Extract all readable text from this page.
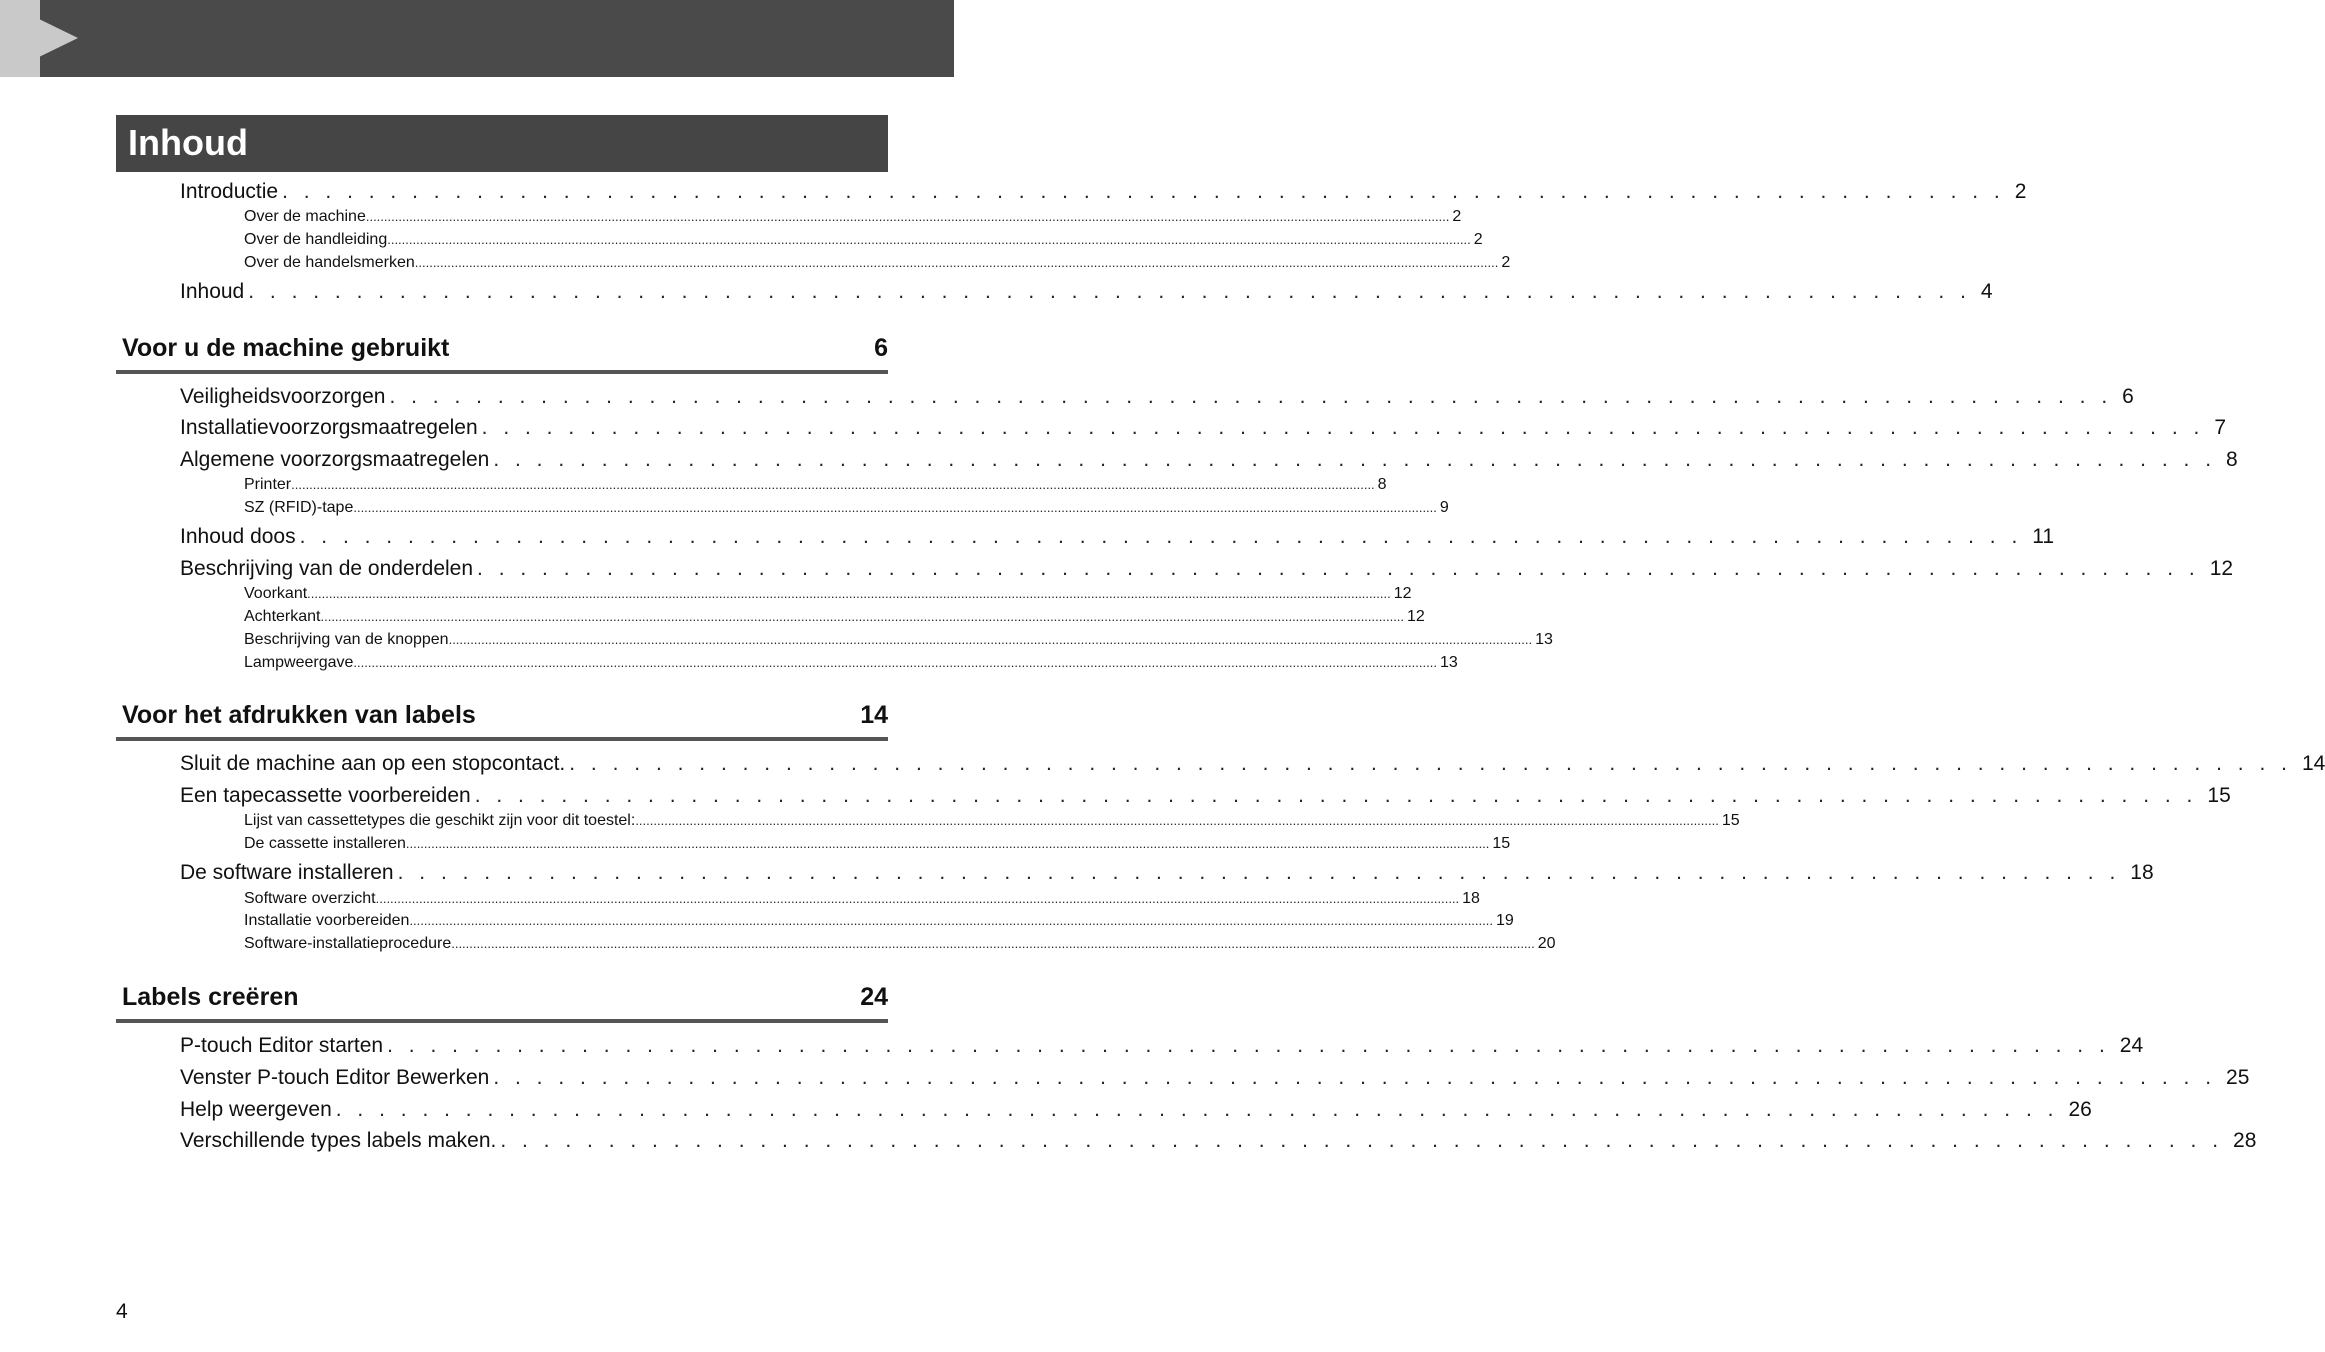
Inhoud
Introductie . . . . . . . . . . . . . . . . . . . . . . . . . . . . . . . . . . . . . . . . . . . . . . . . . . . . . . . . . . . . . . . . . . . . . . . . . . . . . . . . 2
Over de machine ............................................................................................................................................................................................................................................................................................................ 2
Over de handleiding ............................................................................................................................................................................................................................................................................................................ 2
Over de handelsmerken ............................................................................................................................................................................................................................................................................................................ 2
Inhoud . . . . . . . . . . . . . . . . . . . . . . . . . . . . . . . . . . . . . . . . . . . . . . . . . . . . . . . . . . . . . . . . . . . . . . . . . . . . . . . . 4
Voor u de machine gebruikt	6
Veiligheidsvoorzorgen . . . . . . . . . . . . . . . . . . . . . . . . . . . . . . . . . . . . . . . . . . . . . . . . . . . . . . . . . . . . . . . . . . . . . . . . . . . . . . . . 6
Installatievoorzorgsmaatregelen . . . . . . . . . . . . . . . . . . . . . . . . . . . . . . . . . . . . . . . . . . . . . . . . . . . . . . . . . . . . . . . . . . . . . . . . . . . . . . . . 7
Algemene voorzorgsmaatregelen . . . . . . . . . . . . . . . . . . . . . . . . . . . . . . . . . . . . . . . . . . . . . . . . . . . . . . . . . . . . . . . . . . . . . . . . . . . . . . . . 8
Printer ............................................................................................................................................................................................................................................................................................................ 8
SZ (RFID)-tape ............................................................................................................................................................................................................................................................................................................ 9
Inhoud doos . . . . . . . . . . . . . . . . . . . . . . . . . . . . . . . . . . . . . . . . . . . . . . . . . . . . . . . . . . . . . . . . . . . . . . . . . . . . . . . . 11
Beschrijving van de onderdelen . . . . . . . . . . . . . . . . . . . . . . . . . . . . . . . . . . . . . . . . . . . . . . . . . . . . . . . . . . . . . . . . . . . . . . . . . . . . . . . . 12
Voorkant ............................................................................................................................................................................................................................................................................................................ 12
Achterkant ............................................................................................................................................................................................................................................................................................................ 12
Beschrijving van de knoppen ............................................................................................................................................................................................................................................................................................................ 13
Lampweergave ............................................................................................................................................................................................................................................................................................................ 13
Voor het afdrukken van labels	14
Sluit de machine aan op een stopcontact. . . . . . . . . . . . . . . . . . . . . . . . . . . . . . . . . . . . . . . . . . . . . . . . . . . . . . . . . . . . . . . . . . . . . . . . . . . . . . . . . 14
Een tapecassette voorbereiden . . . . . . . . . . . . . . . . . . . . . . . . . . . . . . . . . . . . . . . . . . . . . . . . . . . . . . . . . . . . . . . . . . . . . . . . . . . . . . . . 15
Lijst van cassettetypes die geschikt zijn voor dit toestel: ............................................................................................................................................................................................................................................................................................................ 15
De cassette installeren ............................................................................................................................................................................................................................................................................................................ 15
De software installeren . . . . . . . . . . . . . . . . . . . . . . . . . . . . . . . . . . . . . . . . . . . . . . . . . . . . . . . . . . . . . . . . . . . . . . . . . . . . . . . . 18
Software overzicht ............................................................................................................................................................................................................................................................................................................ 18
Installatie voorbereiden ............................................................................................................................................................................................................................................................................................................ 19
Software-installatieprocedure ............................................................................................................................................................................................................................................................................................................ 20
Labels creëren	24
P-touch Editor starten . . . . . . . . . . . . . . . . . . . . . . . . . . . . . . . . . . . . . . . . . . . . . . . . . . . . . . . . . . . . . . . . . . . . . . . . . . . . . . . . 24
Venster P-touch Editor Bewerken . . . . . . . . . . . . . . . . . . . . . . . . . . . . . . . . . . . . . . . . . . . . . . . . . . . . . . . . . . . . . . . . . . . . . . . . . . . . . . . . 25
Help weergeven . . . . . . . . . . . . . . . . . . . . . . . . . . . . . . . . . . . . . . . . . . . . . . . . . . . . . . . . . . . . . . . . . . . . . . . . . . . . . . . . 26
Verschillende types labels maken. . . . . . . . . . . . . . . . . . . . . . . . . . . . . . . . . . . . . . . . . . . . . . . . . . . . . . . . . . . . . . . . . . . . . . . . . . . . . . . . . 28
4
